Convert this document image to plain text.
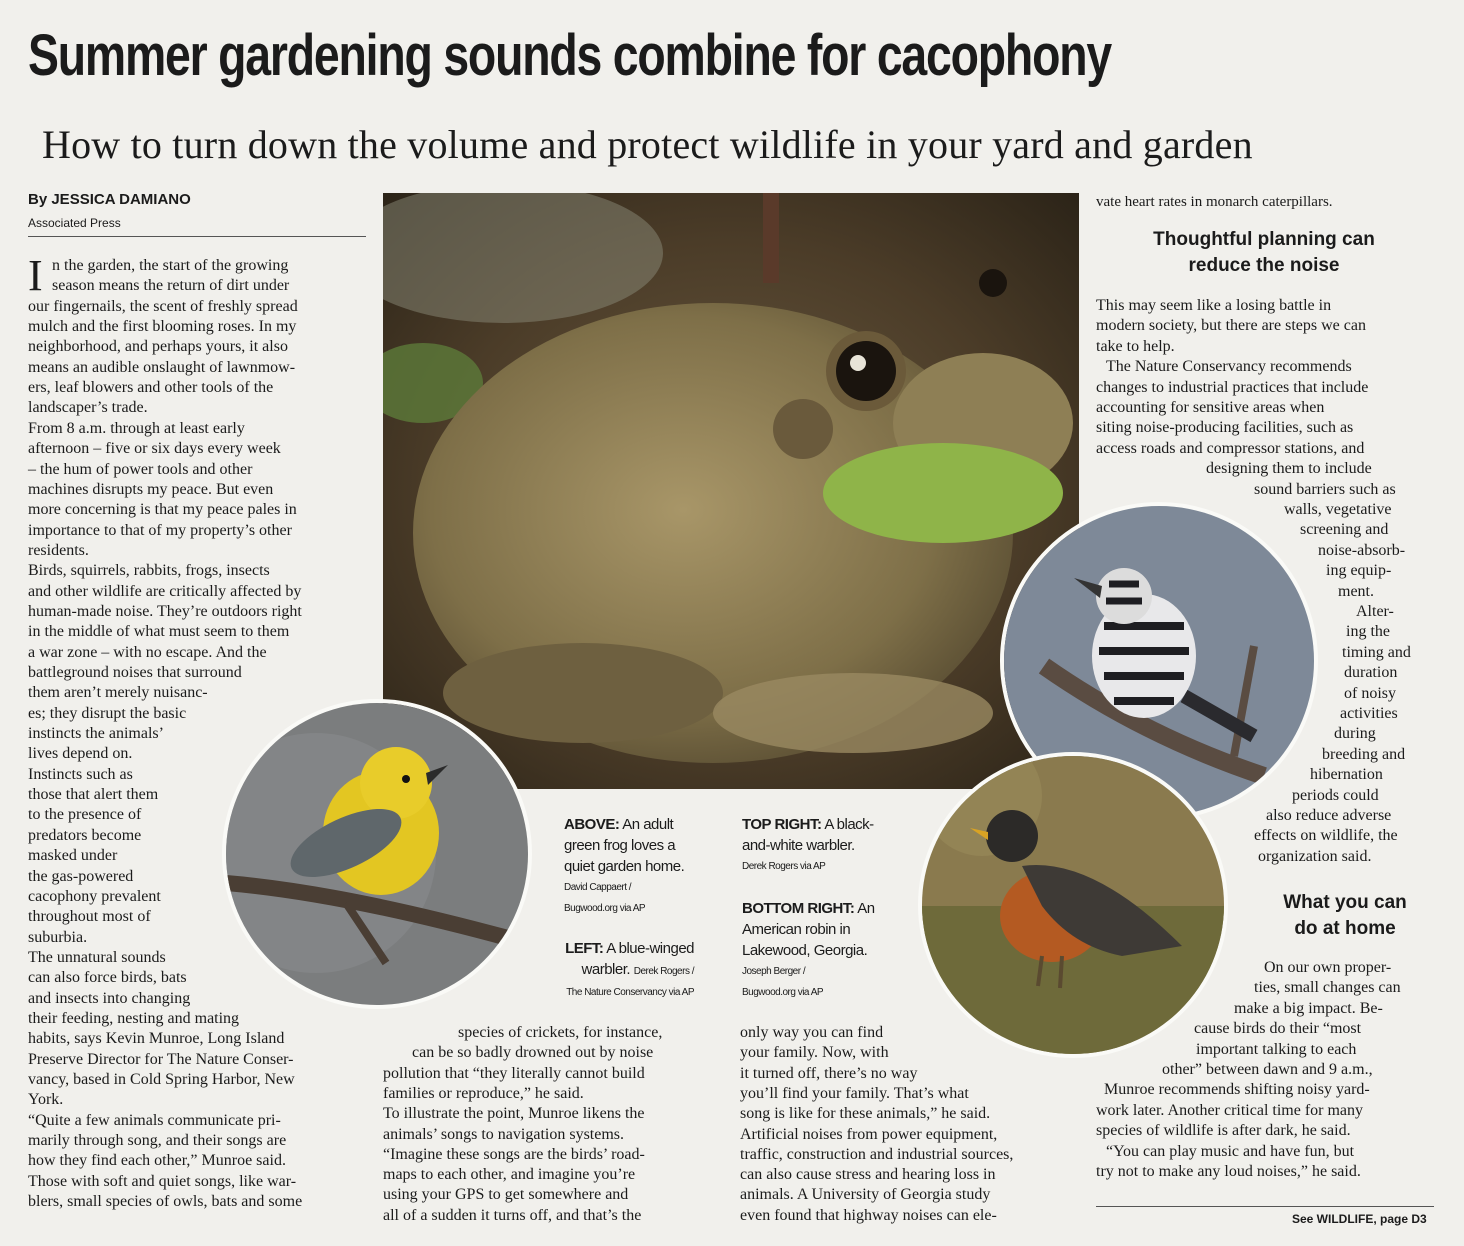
Summer gardening sounds combine for cacophony
How to turn down the volume and protect wildlife in your yard and garden
By JESSICA DAMIANO
Associated Press
I n the garden, the start of the growing
season means the return of dirt under
our fingernails, the scent of freshly spread
mulch and the first blooming roses. In my
neighborhood, and perhaps yours, it also
means an audible onslaught of lawnmow-
ers, leaf blowers and other tools of the
landscaper’s trade.
From 8 a.m. through at least early
afternoon – five or six days every week
– the hum of power tools and other
machines disrupts my peace. But even
more concerning is that my peace pales in
importance to that of my property’s other
residents.
Birds, squirrels, rabbits, frogs, insects
and other wildlife are critically affected by
human-made noise. They’re outdoors right
in the middle of what must seem to them
a war zone – with no escape. And the
battleground noises that surround
them aren’t merely nuisanc-
es; they disrupt the basic
instincts the animals’
lives depend on.
Instincts such as
those that alert them
to the presence of
predators become
masked under
the gas-powered
cacophony prevalent
throughout most of
suburbia.
The unnatural sounds
can also force birds, bats
and insects into changing
their feeding, nesting and mating
habits, says Kevin Munroe, Long Island
Preserve Director for The Nature Conser-
vancy, based in Cold Spring Harbor, New
York.
“Quite a few animals communicate pri-
marily through song, and their songs are
how they find each other,” Munroe said.
Those with soft and quiet songs, like war-
blers, small species of owls, bats and some
species of crickets, for instance,
can be so badly drowned out by noise
pollution that “they literally cannot build
families or reproduce,” he said.
To illustrate the point, Munroe likens the
animals’ songs to navigation systems.
“Imagine these songs are the birds’ road-
maps to each other, and imagine you’re
using your GPS to get somewhere and
all of a sudden it turns off, and that’s the
only way you can find
your family. Now, with
it turned off, there’s no way
you’ll find your family. That’s what
song is like for these animals,” he said.
Artificial noises from power equipment,
traffic, construction and industrial sources,
can also cause stress and hearing loss in
animals. A University of Georgia study
even found that highway noises can ele-
vate heart rates in monarch caterpillars.
Thoughtful planning can
reduce the noise
This may seem like a losing battle in
modern society, but there are steps we can
take to help.
The Nature Conservancy recommends
changes to industrial practices that include
accounting for sensitive areas when
siting noise-producing facilities, such as
access roads and compressor stations, and
designing them to include
sound barriers such as
walls, vegetative
screening and
noise-absorb-
ing equip-
ment.
Alter-
ing the
timing and
duration
of noisy
activities
during
breeding and
hibernation
periods could
also reduce adverse
effects on wildlife, the
organization said.
What you can
do at home
On our own proper-
ties, small changes can
make a big impact. Be-
cause birds do their “most
important talking to each
other” between dawn and 9 a.m.,
Munroe recommends shifting noisy yard-
work later. Another critical time for many
species of wildlife is after dark, he said.
“You can play music and have fun, but
try not to make any loud noises,” he said.
See WILDLIFE, page D3
ABOVE: An adult
green frog loves a
quiet garden home.
David Cappaert /
Bugwood.org via AP
LEFT: A blue-winged
warbler. Derek Rogers /
The Nature Conservancy via AP
TOP RIGHT: A black-
and-white warbler.
Derek Rogers via AP
BOTTOM RIGHT: An
American robin in
Lakewood, Georgia.
Joseph Berger /
Bugwood.org via AP
